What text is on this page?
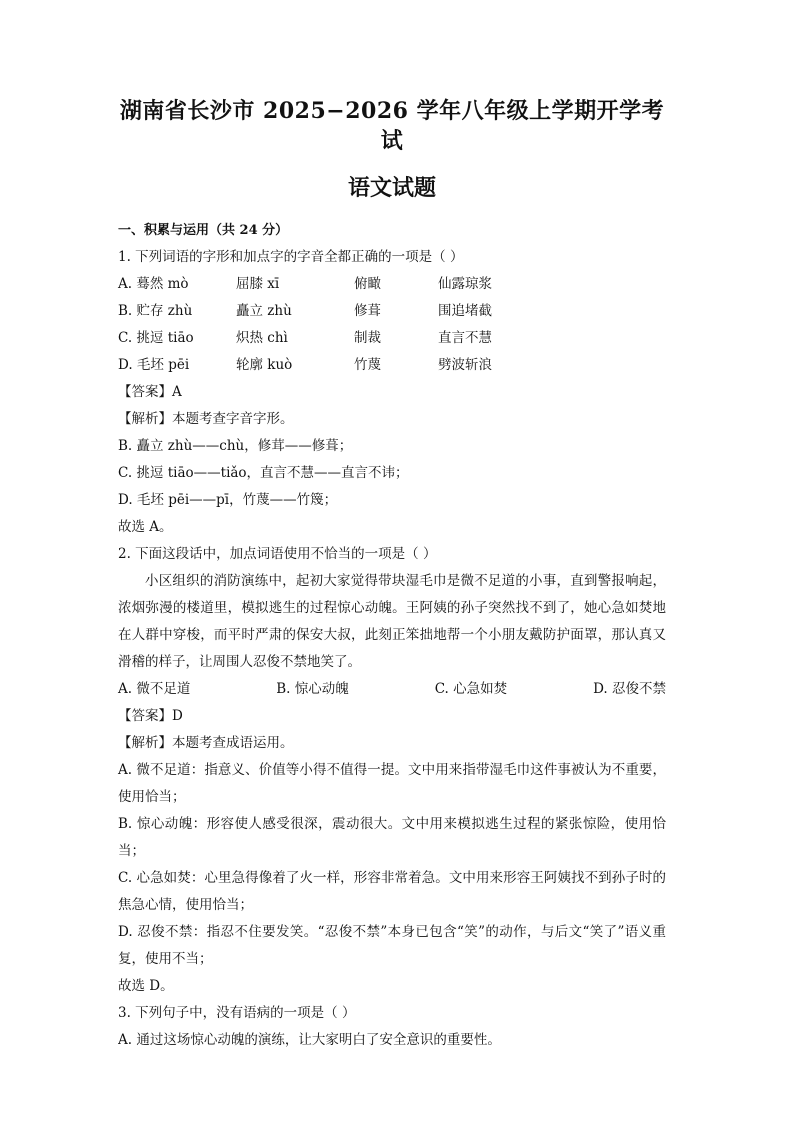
湖南省长沙市 2025−2026 学年八年级上学期开学考试
语文试题
一、积累与运用（共 24 分）
1. 下列词语的字形和加点字的字音全都正确的一项是（ ）
A. 蓦然 mò	屈膝 xī	俯瞰	仙露琼浆
B. 贮存 zhù	矗立 zhù	修葺	围追堵截
C. 挑逗 tiāo	炽热 chì	制裁	直言不慧
D. 毛坯 pēi	轮廓 kuò	竹蔑	劈波斩浪
【答案】A
【解析】本题考查字音字形。
B. 矗立 zhù——chù，修茸——修葺；
C. 挑逗 tiāo——tiǎo，直言不慧——直言不讳；
D. 毛坯 pēi——pī，竹蔑——竹篾；
故选 A。
2. 下面这段话中，加点词语使用不恰当的一项是（ ）
小区组织的消防演练中，起初大家觉得带块湿毛巾是微不足道的小事，直到警报响起，浓烟弥漫的楼道里，模拟逃生的过程惊心动魄。王阿姨的孙子突然找不到了，她心急如焚地在人群中穿梭，而平时严肃的保安大叔，此刻正笨拙地帮一个小朋友戴防护面罩，那认真又滑稽的样子，让周围人忍俊不禁地笑了。
A. 微不足道	B. 惊心动魄	C. 心急如焚	D. 忍俊不禁
【答案】D
【解析】本题考查成语运用。
A. 微不足道：指意义、价值等小得不值得一提。文中用来指带湿毛巾这件事被认为不重要，使用恰当；
B. 惊心动魄：形容使人感受很深，震动很大。文中用来模拟逃生过程的紧张惊险，使用恰当；
C. 心急如焚：心里急得像着了火一样，形容非常着急。文中用来形容王阿姨找不到孙子时的焦急心情，使用恰当；
D. 忍俊不禁：指忍不住要发笑。“忍俊不禁”本身已包含“笑”的动作，与后文“笑了”语义重复，使用不当；
故选 D。
3. 下列句子中，没有语病的一项是（ ）
A. 通过这场惊心动魄的演练，让大家明白了安全意识的重要性。
